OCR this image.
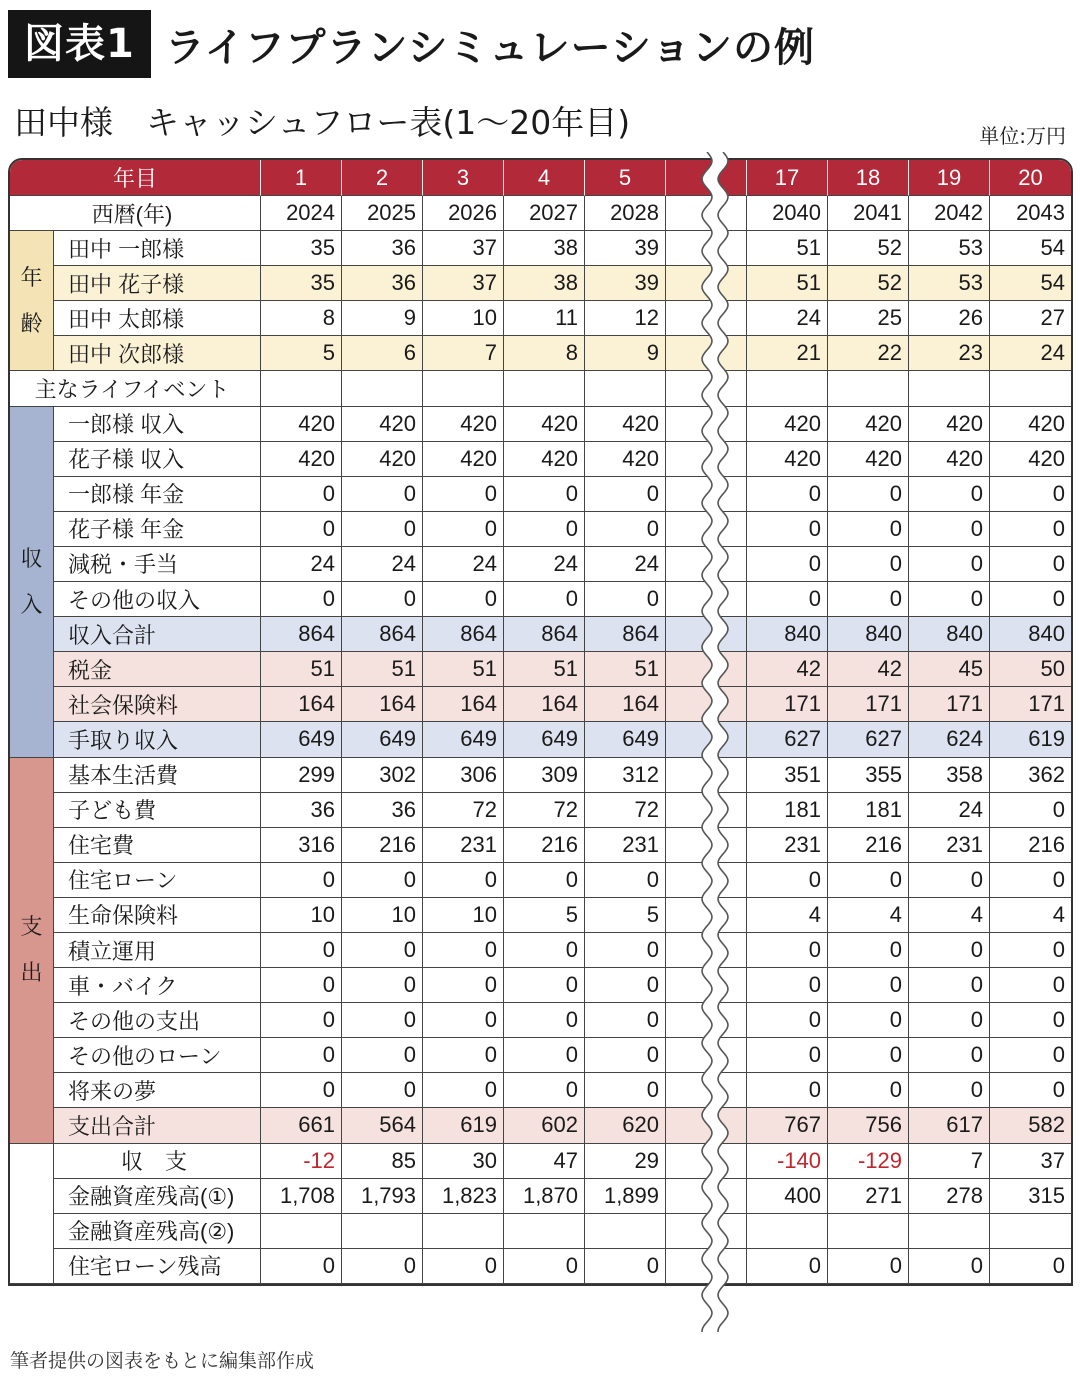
図表1 ライフプランシミュレーションの例
田中様　キャッシュフロー表(1〜20年目)	単位:万円
年目		1	2	3	4	5		17	18	19	20
西暦(年)		2024	2025	2026	2027	2028		2040	2041	2042	2043

年
齢	田中 一郎様	35	36	37	38	39		51	52	53	54
	田中 花子様	35	36	37	38	39		51	52	53	54
	田中 太郎様	8	9	10	11	12		24	25	26	27
	田中 次郎様	5	6	7	8	9		21	22	23	24
主なライフイベント											

収
入	一郎様 収入	420	420	420	420	420		420	420	420	420
	花子様 収入	420	420	420	420	420		420	420	420	420
	一郎様 年金	0	0	0	0	0		0	0	0	0
	花子様 年金	0	0	0	0	0		0	0	0	0
	減税・手当	24	24	24	24	24		0	0	0	0
	その他の収入	0	0	0	0	0		0	0	0	0
	収入合計	864	864	864	864	864		840	840	840	840
	税金	51	51	51	51	51		42	42	45	50
	社会保険料	164	164	164	164	164		171	171	171	171
	手取り収入	649	649	649	649	649		627	627	624	619

支
出	基本生活費	299	302	306	309	312		351	355	358	362
	子ども費	36	36	72	72	72		181	181	24	0
	住宅費	316	216	231	216	231		231	216	231	216
	住宅ローン	0	0	0	0	0		0	0	0	0
	生命保険料	10	10	10	5	5		4	4	4	4
	積立運用	0	0	0	0	0		0	0	0	0
	車・バイク	0	0	0	0	0		0	0	0	0
	その他の支出	0	0	0	0	0		0	0	0	0
	その他のローン	0	0	0	0	0		0	0	0	0
	将来の夢	0	0	0	0	0		0	0	0	0
	支出合計	661	564	619	602	620		767	756	617	582
	収　支	-12	85	30	47	29		-140	-129	7	37
	金融資産残高(①)	1,708	1,793	1,823	1,870	1,899		400	271	278	315
	金融資産残高(②)										
	住宅ローン残高	0	0	0	0	0		0	0	0	0
筆者提供の図表をもとに編集部作成
